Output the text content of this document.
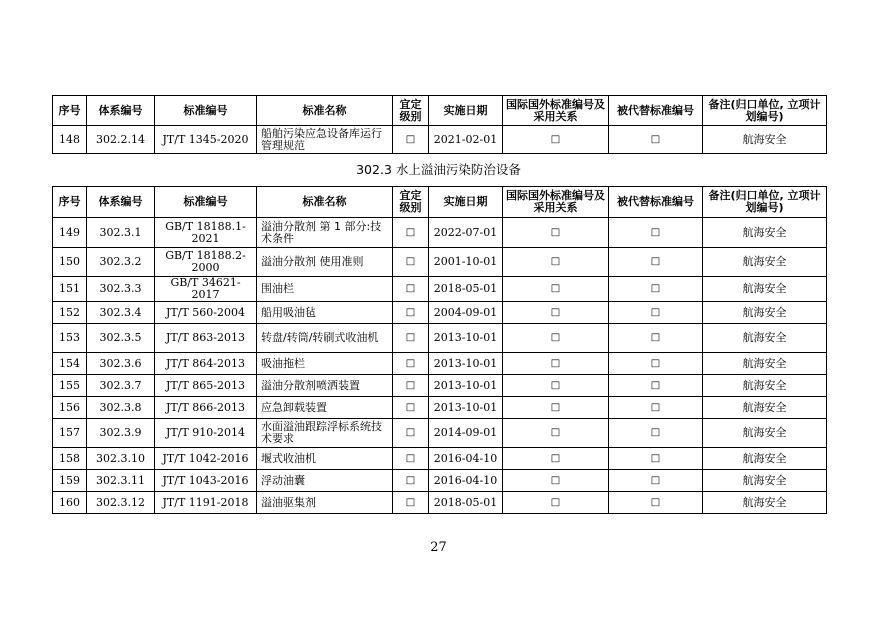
序号	体系编号	标准编号	标准名称	宜定级别	实施日期	国际国外标准编号及采用关系	被代替标准编号	备注(归口单位, 立项计划编号)
148	302.2.14	JT/T 1345-2020	船舶污染应急设备库运行管理规范	□	2021-02-01	□	□	航海安全
302.3 水上溢油污染防治设备
序号	体系编号	标准编号	标准名称	宜定级别	实施日期	国际国外标准编号及采用关系	被代替标准编号	备注(归口单位, 立项计划编号)
149	302.3.1	GB/T 18188.1-2021	溢油分散剂 第 1 部分:技术条件	□	2022-07-01	□	□	航海安全
150	302.3.2	GB/T 18188.2-2000	溢油分散剂 使用准则	□	2001-10-01	□	□	航海安全
151	302.3.3	GB/T 34621-2017	围油栏	□	2018-05-01	□	□	航海安全
152	302.3.4	JT/T 560-2004	船用吸油毡	□	2004-09-01	□	□	航海安全
153	302.3.5	JT/T 863-2013	转盘/转筒/转刷式收油机	□	2013-10-01	□	□	航海安全
154	302.3.6	JT/T 864-2013	吸油拖栏	□	2013-10-01	□	□	航海安全
155	302.3.7	JT/T 865-2013	溢油分散剂喷洒装置	□	2013-10-01	□	□	航海安全
156	302.3.8	JT/T 866-2013	应急卸载装置	□	2013-10-01	□	□	航海安全
157	302.3.9	JT/T 910-2014	水面溢油跟踪浮标系统技术要求	□	2014-09-01	□	□	航海安全
158	302.3.10	JT/T 1042-2016	堰式收油机	□	2016-04-10	□	□	航海安全
159	302.3.11	JT/T 1043-2016	浮动油囊	□	2016-04-10	□	□	航海安全
160	302.3.12	JT/T 1191-2018	溢油驱集剂	□	2018-05-01	□	□	航海安全
27
